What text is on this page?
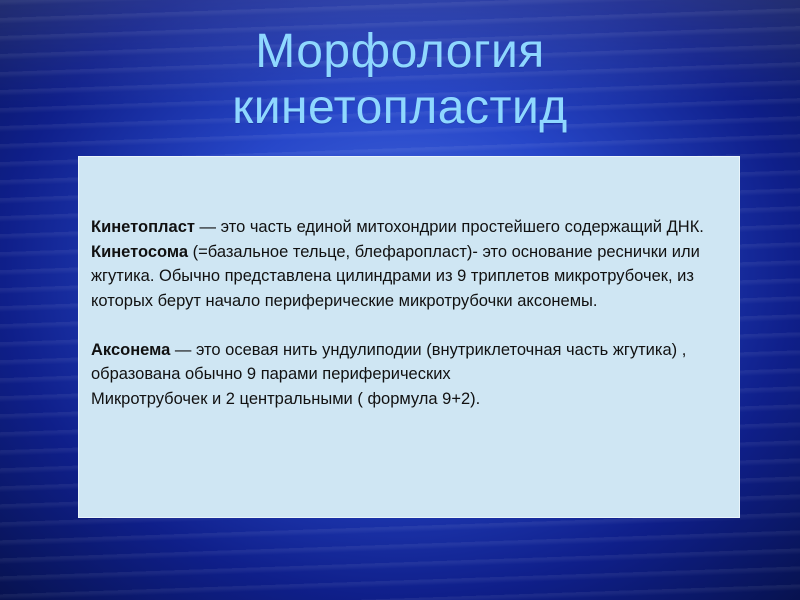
Морфология
кинетопластид

Кинетопласт — это часть единой митохондрии простейшего содержащий ДНК.

Кинетосома (=базальное тельце, блефаропласт)- это основание реснички или жгутика. Обычно представлена цилиндрами из 9 триплетов микротрубочек, из которых берут начало периферические микротрубочки аксонемы.

Аксонема — это осевая нить ундулиподии (внутриклеточная часть жгутика) , образована обычно 9 парами периферических
Микротрубочек и 2 центральными ( формула 9+2).
